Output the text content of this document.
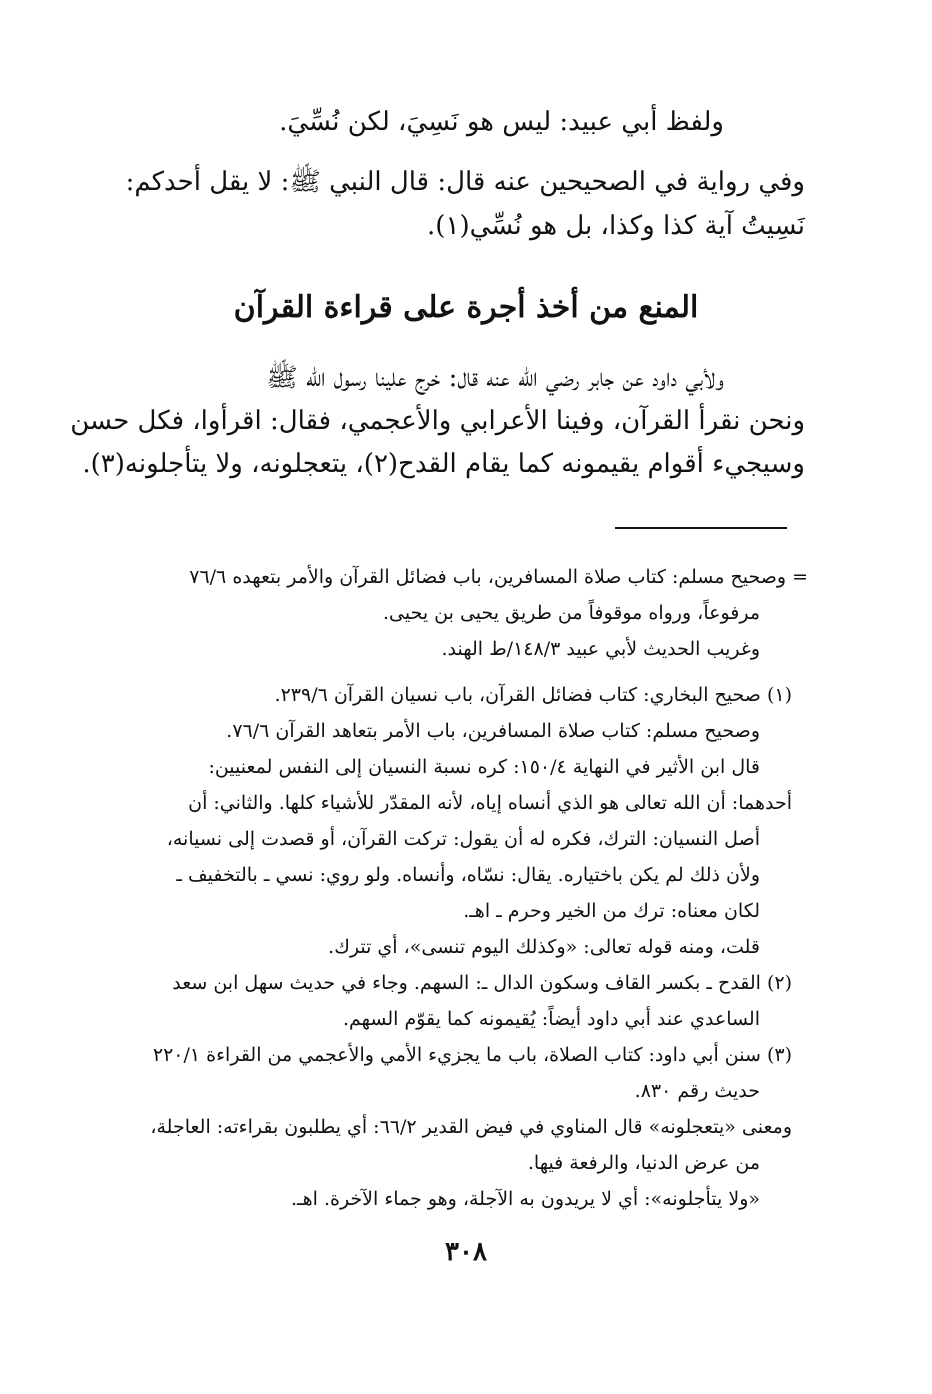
ولفظ أبي عبيد: ليس هو نَسِيَ، لكن نُسِّيَ.
وفي رواية في الصحيحين عنه قال: قال النبي ﷺ: لا يقل أحدكم:
نَسِيتُ آية كذا وكذا، بل هو نُسِّي(١).
المنع من أخذ أجرة على قراءة القرآن
ولأبي داود عن جابر رضي الله عنه قال: خرج علينا رسول الله ﷺ
ونحن نقرأ القرآن، وفينا الأعرابي والأعجمي، فقال: اقرأوا، فكل حسن
وسيجيء أقوام يقيمونه كما يقام القدح(٢)، يتعجلونه، ولا يتأجلونه(٣).
= وصحيح مسلم: كتاب صلاة المسافرين، باب فضائل القرآن والأمر بتعهده ٧٦/٦
مرفوعاً، ورواه موقوفاً من طريق يحيى بن يحيى.
وغريب الحديث لأبي عبيد ١٤٨/٣/ط الهند.
(١) صحيح البخاري: كتاب فضائل القرآن، باب نسيان القرآن ٢٣٩/٦.
وصحيح مسلم: كتاب صلاة المسافرين، باب الأمر بتعاهد القرآن ٧٦/٦.
قال ابن الأثير في النهاية ١٥٠/٤: كره نسبة النسيان إلى النفس لمعنيين:
أحدهما: أن الله تعالى هو الذي أنساه إياه، لأنه المقدّر للأشياء كلها. والثاني: أن
أصل النسيان: الترك، فكره له أن يقول: تركت القرآن، أو قصدت إلى نسيانه،
ولأن ذلك لم يكن باختياره. يقال: نسّاه، وأنساه. ولو روي: نسي ـ بالتخفيف ـ
لكان معناه: ترك من الخير وحرم ـ اهـ.
قلت، ومنه قوله تعالى: «وكذلك اليوم تنسى»، أي تترك.
(٢) القدح ـ بكسر القاف وسكون الدال ـ: السهم. وجاء في حديث سهل ابن سعد
الساعدي عند أبي داود أيضاً: يُقيمونه كما يقوّم السهم.
(٣) سنن أبي داود: كتاب الصلاة، باب ما يجزيء الأمي والأعجمي من القراءة ٢٢٠/١
حديث رقم ٨٣٠.
ومعنى «يتعجلونه» قال المناوي في فيض القدير ٦٦/٢: أي يطلبون بقراءته: العاجلة،
من عرض الدنيا، والرفعة فيها.
«ولا يتأجلونه»: أي لا يريدون به الآجلة، وهو جماء الآخرة. اهـ.
٣٠٨
